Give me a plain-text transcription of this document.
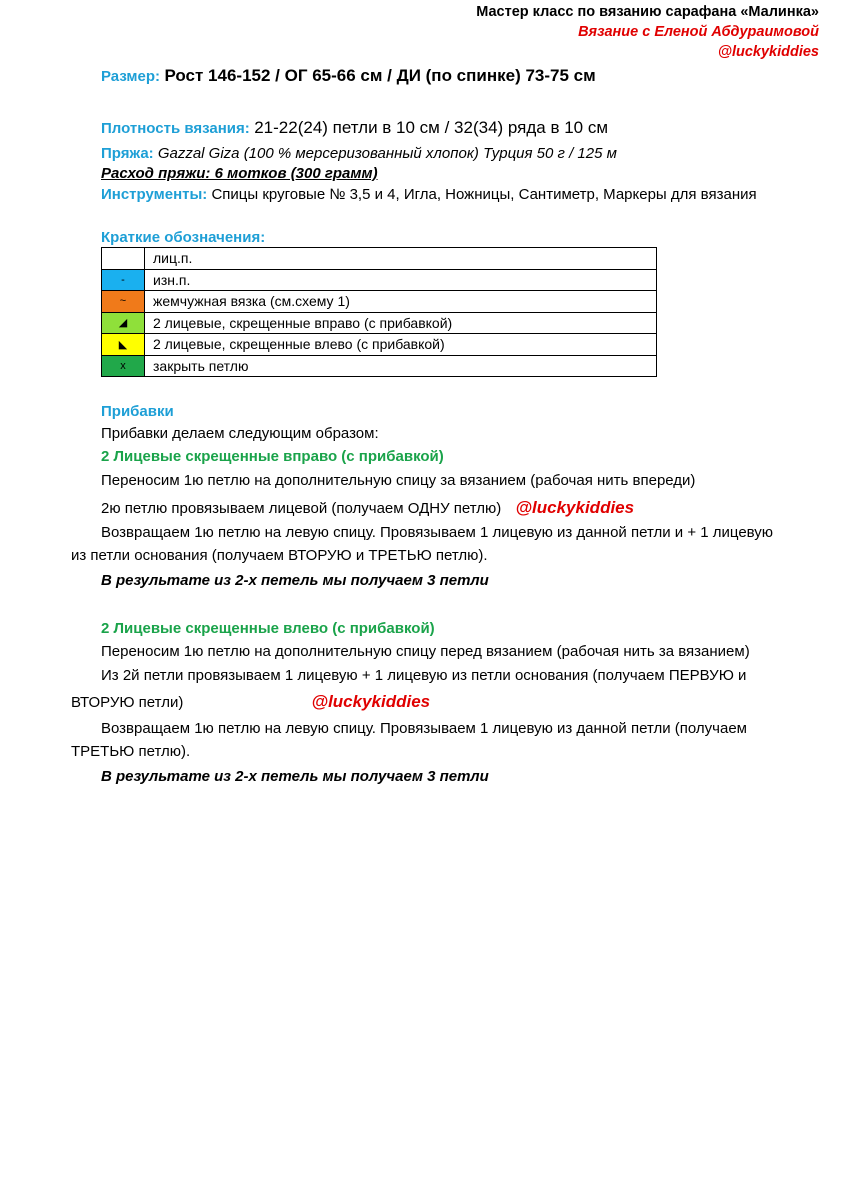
Мастер класс по вязанию сарафана «Малинка»
Вязание с Еленой Абдураимовой
@luckykiddies
Размер: Рост 146-152 / ОГ 65-66 см / ДИ (по спинке) 73-75 см
Плотность вязания: 21-22(24) петли в 10 см / 32(34) ряда в 10 см
Пряжа: Gazzal Giza (100 % мерсеризованный хлопок) Турция 50 г / 125 м
Расход пряжи: 6 мотков (300 грамм)
Инструменты: Спицы круговые № 3,5 и 4, Игла, Ножницы, Сантиметр, Маркеры для вязания
Краткие обозначения:
	лиц.п.
-	изн.п.
~	жемчужная вязка (см.схему 1)
◢	2 лицевые, скрещенные вправо (с прибавкой)
◣	2 лицевые, скрещенные влево (с прибавкой)
x	закрыть петлю
Прибавки
Прибавки делаем следующим образом:
2 Лицевые скрещенные вправо (с прибавкой)
Переносим 1ю петлю на дополнительную спицу за вязанием (рабочая нить впереди)
2ю петлю провязываем лицевой (получаем ОДНУ петлю) @luckykiddies
Возвращаем 1ю петлю на левую спицу. Провязываем 1 лицевую из данной петли и + 1 лицевую
из петли основания (получаем ВТОРУЮ и ТРЕТЬЮ петлю).
В результате из 2-х петель мы получаем 3 петли
2 Лицевые скрещенные влево (с прибавкой)
Переносим 1ю петлю на дополнительную спицу перед вязанием (рабочая нить за вязанием)
Из 2й петли провязываем 1 лицевую + 1 лицевую из петли основания (получаем ПЕРВУЮ и
ВТОРУЮ петли)	@luckykiddies
Возвращаем 1ю петлю на левую спицу. Провязываем 1 лицевую из данной петли (получаем
ТРЕТЬЮ петлю).
В результате из 2-х петель мы получаем 3 петли
